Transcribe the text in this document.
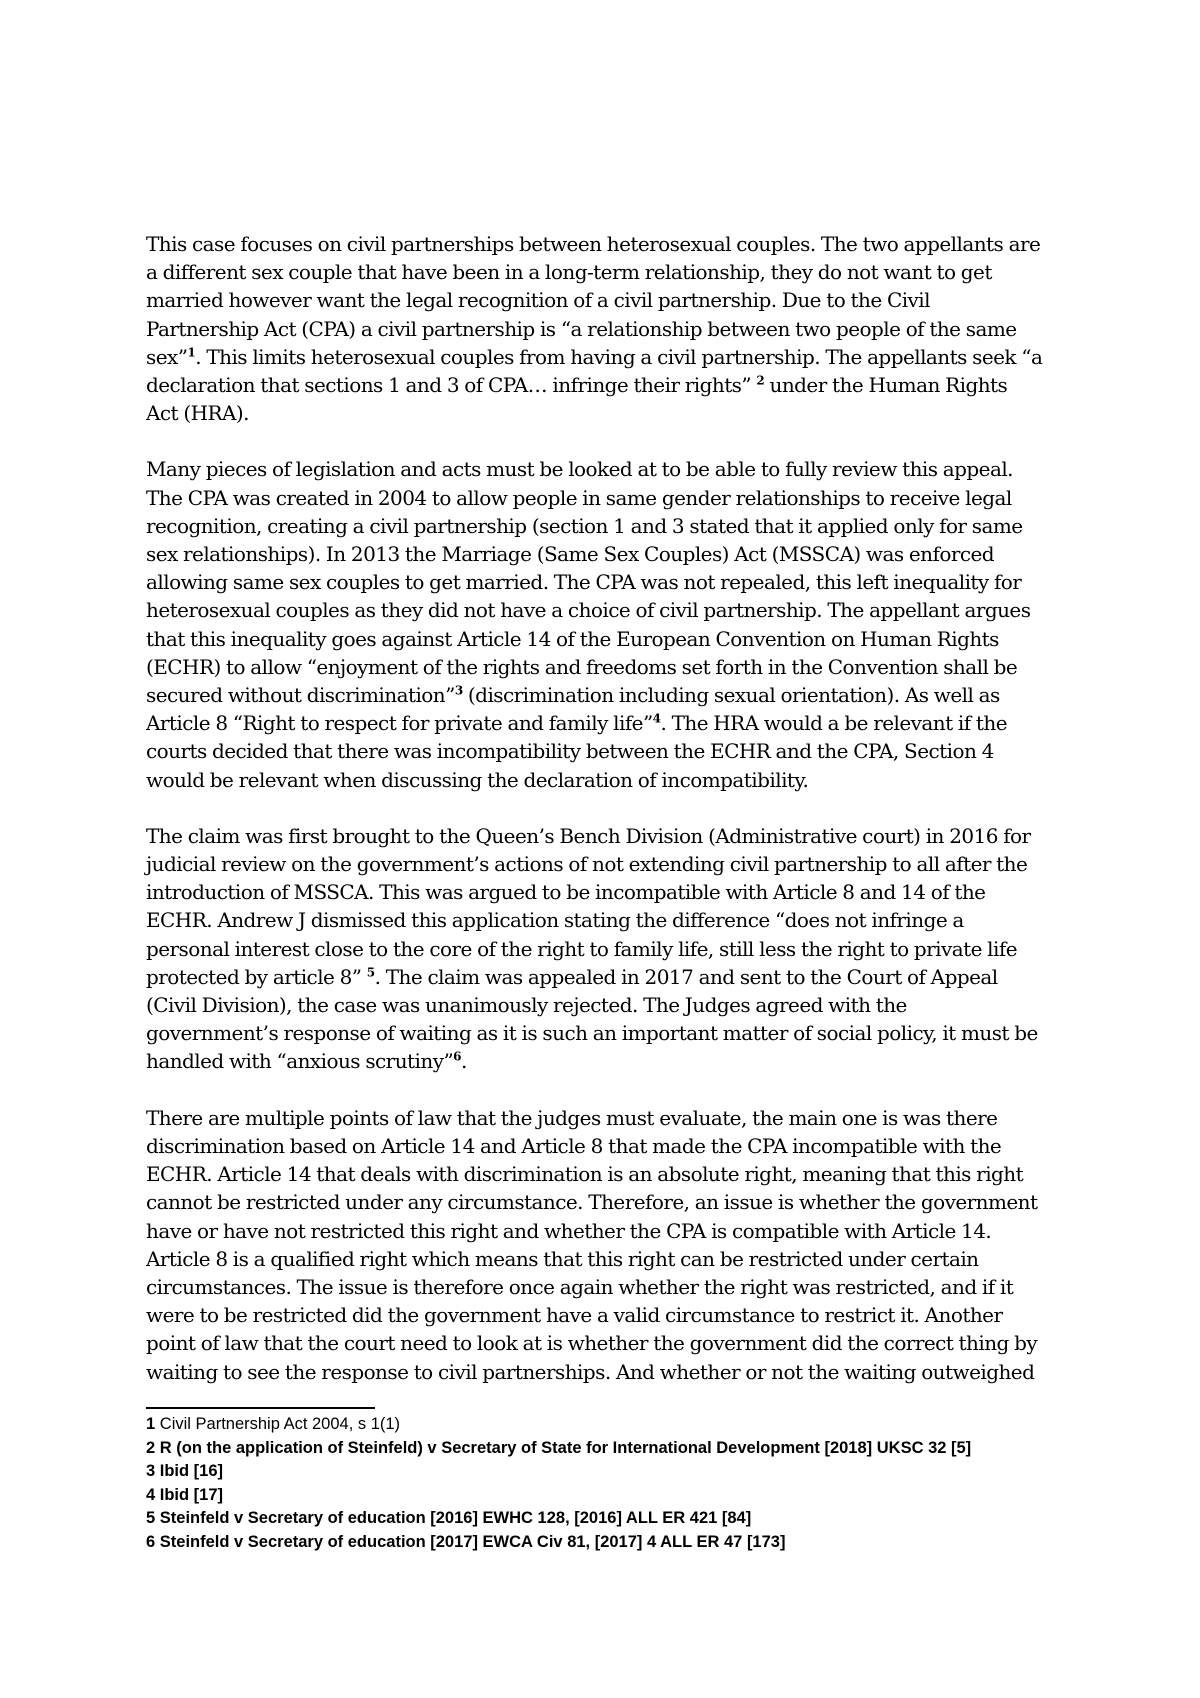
This case focuses on civil partnerships between heterosexual couples. The two appellants are
a different sex couple that have been in a long-term relationship, they do not want to get
married however want the legal recognition of a civil partnership. Due to the Civil
Partnership Act (CPA) a civil partnership is “a relationship between two people of the same
sex”$^1$. This limits heterosexual couples from having a civil partnership. The appellants seek “a
declaration that sections 1 and 3 of CPA… infringe their rights” $^2$ under the Human Rights
Act (HRA).
Many pieces of legislation and acts must be looked at to be able to fully review this appeal.
The CPA was created in 2004 to allow people in same gender relationships to receive legal
recognition, creating a civil partnership (section 1 and 3 stated that it applied only for same
sex relationships). In 2013 the Marriage (Same Sex Couples) Act (MSSCA) was enforced
allowing same sex couples to get married. The CPA was not repealed, this left inequality for
heterosexual couples as they did not have a choice of civil partnership. The appellant argues
that this inequality goes against Article 14 of the European Convention on Human Rights
(ECHR) to allow “enjoyment of the rights and freedoms set forth in the Convention shall be
secured without discrimination”$^3$ (discrimination including sexual orientation). As well as
Article 8 “Right to respect for private and family life”$^4$. The HRA would a be relevant if the
courts decided that there was incompatibility between the ECHR and the CPA, Section 4
would be relevant when discussing the declaration of incompatibility.
The claim was first brought to the Queen’s Bench Division (Administrative court) in 2016 for
judicial review on the government’s actions of not extending civil partnership to all after the
introduction of MSSCA. This was argued to be incompatible with Article 8 and 14 of the
ECHR. Andrew J dismissed this application stating the difference “does not infringe a
personal interest close to the core of the right to family life, still less the right to private life
protected by article 8” $^5$. The claim was appealed in 2017 and sent to the Court of Appeal
(Civil Division), the case was unanimously rejected. The Judges agreed with the
government’s response of waiting as it is such an important matter of social policy, it must be
handled with “anxious scrutiny”$^6$.
There are multiple points of law that the judges must evaluate, the main one is was there
discrimination based on Article 14 and Article 8 that made the CPA incompatible with the
ECHR. Article 14 that deals with discrimination is an absolute right, meaning that this right
cannot be restricted under any circumstance. Therefore, an issue is whether the government
have or have not restricted this right and whether the CPA is compatible with Article 14.
Article 8 is a qualified right which means that this right can be restricted under certain
circumstances. The issue is therefore once again whether the right was restricted, and if it
were to be restricted did the government have a valid circumstance to restrict it. Another
point of law that the court need to look at is whether the government did the correct thing by
waiting to see the response to civil partnerships. And whether or not the waiting outweighed
1 Civil Partnership Act 2004, s 1(1)
2 R (on the application of Steinfeld) v Secretary of State for International Development [2018] UKSC 32 [5]
3 Ibid [16]
4 Ibid [17]
5 Steinfeld v Secretary of education [2016] EWHC 128, [2016] ALL ER 421 [84]
6 Steinfeld v Secretary of education [2017] EWCA Civ 81, [2017] 4 ALL ER 47 [173]
